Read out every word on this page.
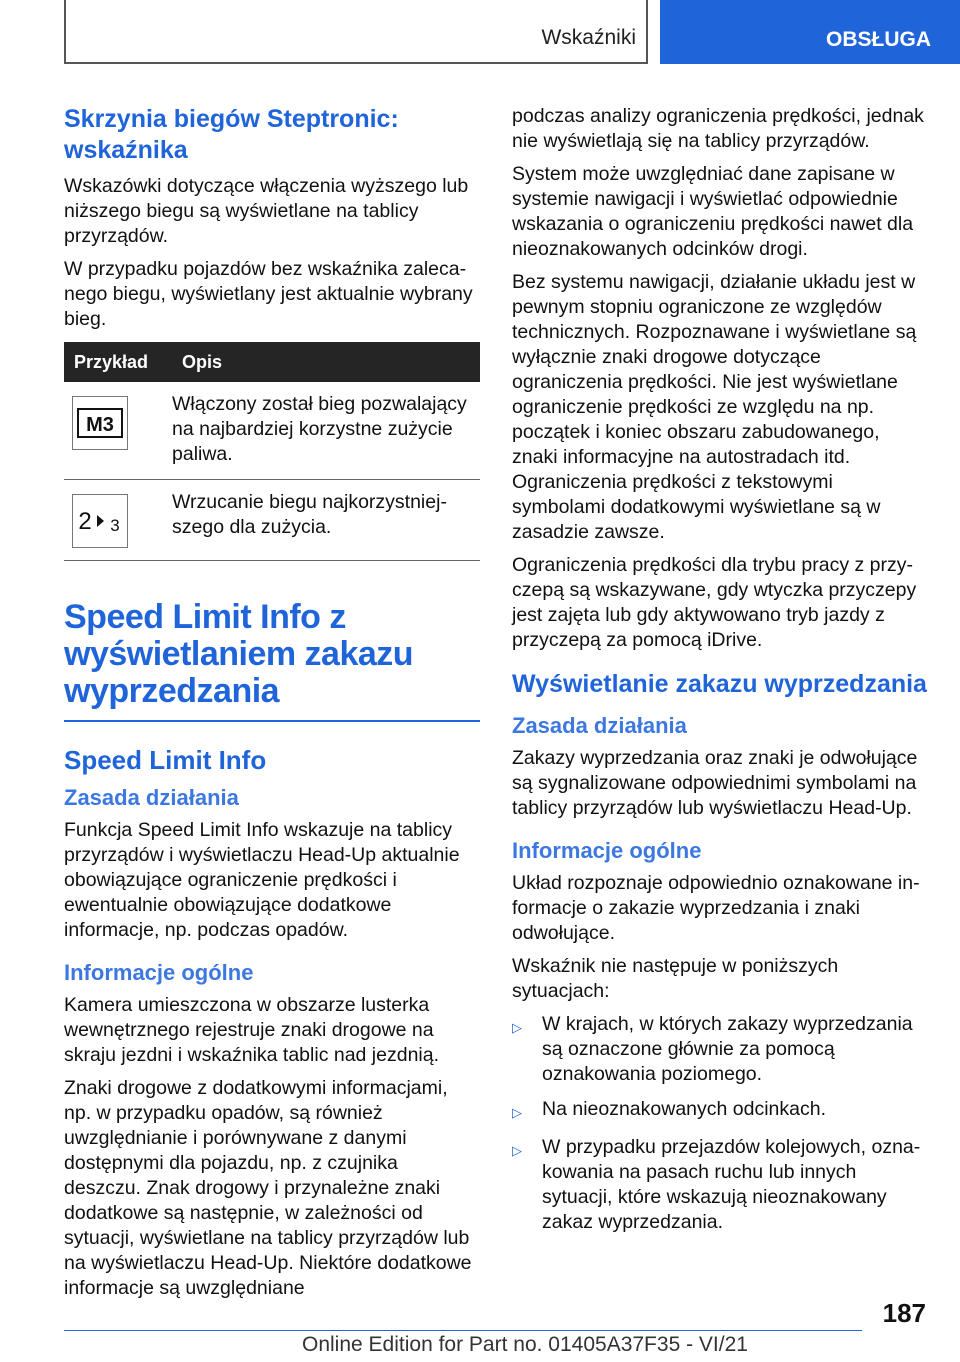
Wskaźniki	OBSŁUGA
Skrzynia biegów Steptronic: wskaźnika

Wskazówki dotyczące włączenia wyższego lub niższego biegu są wyświetlane na tablicy przyrządów.

W przypadku pojazdów bez wskaźnika zalecanego biegu, wyświetlany jest aktualnie wybrany bieg.

Przykład	Opis

M3	Włączony został bieg pozwalający na najbardziej korzystne zużycie paliwa.

2 3	Wrzucanie biegu najkorzystniejszego dla zużycia.
Speed Limit Info z wyświetlaniem zakazu wyprzedzania
Speed Limit Info
Zasada działania

Funkcja Speed Limit Info wskazuje na tablicy przyrządów i wyświetlaczu Head-Up aktualnie obowiązujące ograniczenie prędkości i ewentualnie obowiązujące dodatkowe informacje, np. podczas opadów.

Informacje ogólne

Kamera umieszczona w obszarze lusterka wewnętrznego rejestruje znaki drogowe na skraju jezdni i wskaźnika tablic nad jezdnią.

Znaki drogowe z dodatkowymi informacjami, np. w przypadku opadów, są również uwzględnianie i porównywane z danymi dostępnymi dla pojazdu, np. z czujnika deszczu. Znak drogowy i przynależne znaki dodatkowe są następnie, w zależności od sytuacji, wyświetlane na tablicy przyrządów lub na wyświetlaczu Head-Up. Niektóre dodatkowe informacje są uwzględniane

podczas analizy ograniczenia prędkości, jednak nie wyświetlają się na tablicy przyrządów.

System może uwzględniać dane zapisane w systemie nawigacji i wyświetlać odpowiednie wskazania o ograniczeniu prędkości nawet dla nieoznakowanych odcinków drogi.

Bez systemu nawigacji, działanie układu jest w pewnym stopniu ograniczone ze względów technicznych. Rozpoznawane i wyświetlane są wyłącznie znaki drogowe dotyczące ograniczenia prędkości. Nie jest wyświetlane ograniczenie prędkości ze względu na np. początek i koniec obszaru zabudowanego, znaki informacyjne na autostradach itd. Ograniczenia prędkości z tekstowymi symbolami dodatkowymi wyświetlane są w zasadzie zawsze.

Ograniczenia prędkości dla trybu pracy z przyczepą są wskazywane, gdy wtyczka przyczepy jest zajęta lub gdy aktywowano tryb jazdy z przyczepą za pomocą iDrive.

Wyświetlanie zakazu wyprzedzania
Zasada działania

Zakazy wyprzedzania oraz znaki je odwołujące są sygnalizowane odpowiednimi symbolami na tablicy przyrządów lub wyświetlaczu Head-Up.

Informacje ogólne

Układ rozpoznaje odpowiednio oznakowane informacje o zakazie wyprzedzania i znaki odwołujące.

Wskaźnik nie następuje w poniższych sytuacjach:

▷	W krajach, w których zakazy wyprzedzania są oznaczone głównie za pomocą oznakowania poziomego.
▷	Na nieoznakowanych odcinkach.
▷	W przypadku przejazdów kolejowych, oznakowania na pasach ruchu lub innych sytuacji, które wskazują nieoznakowany zakaz wyprzedzania.
187
Online Edition for Part no. 01405A37F35 - VI/21
